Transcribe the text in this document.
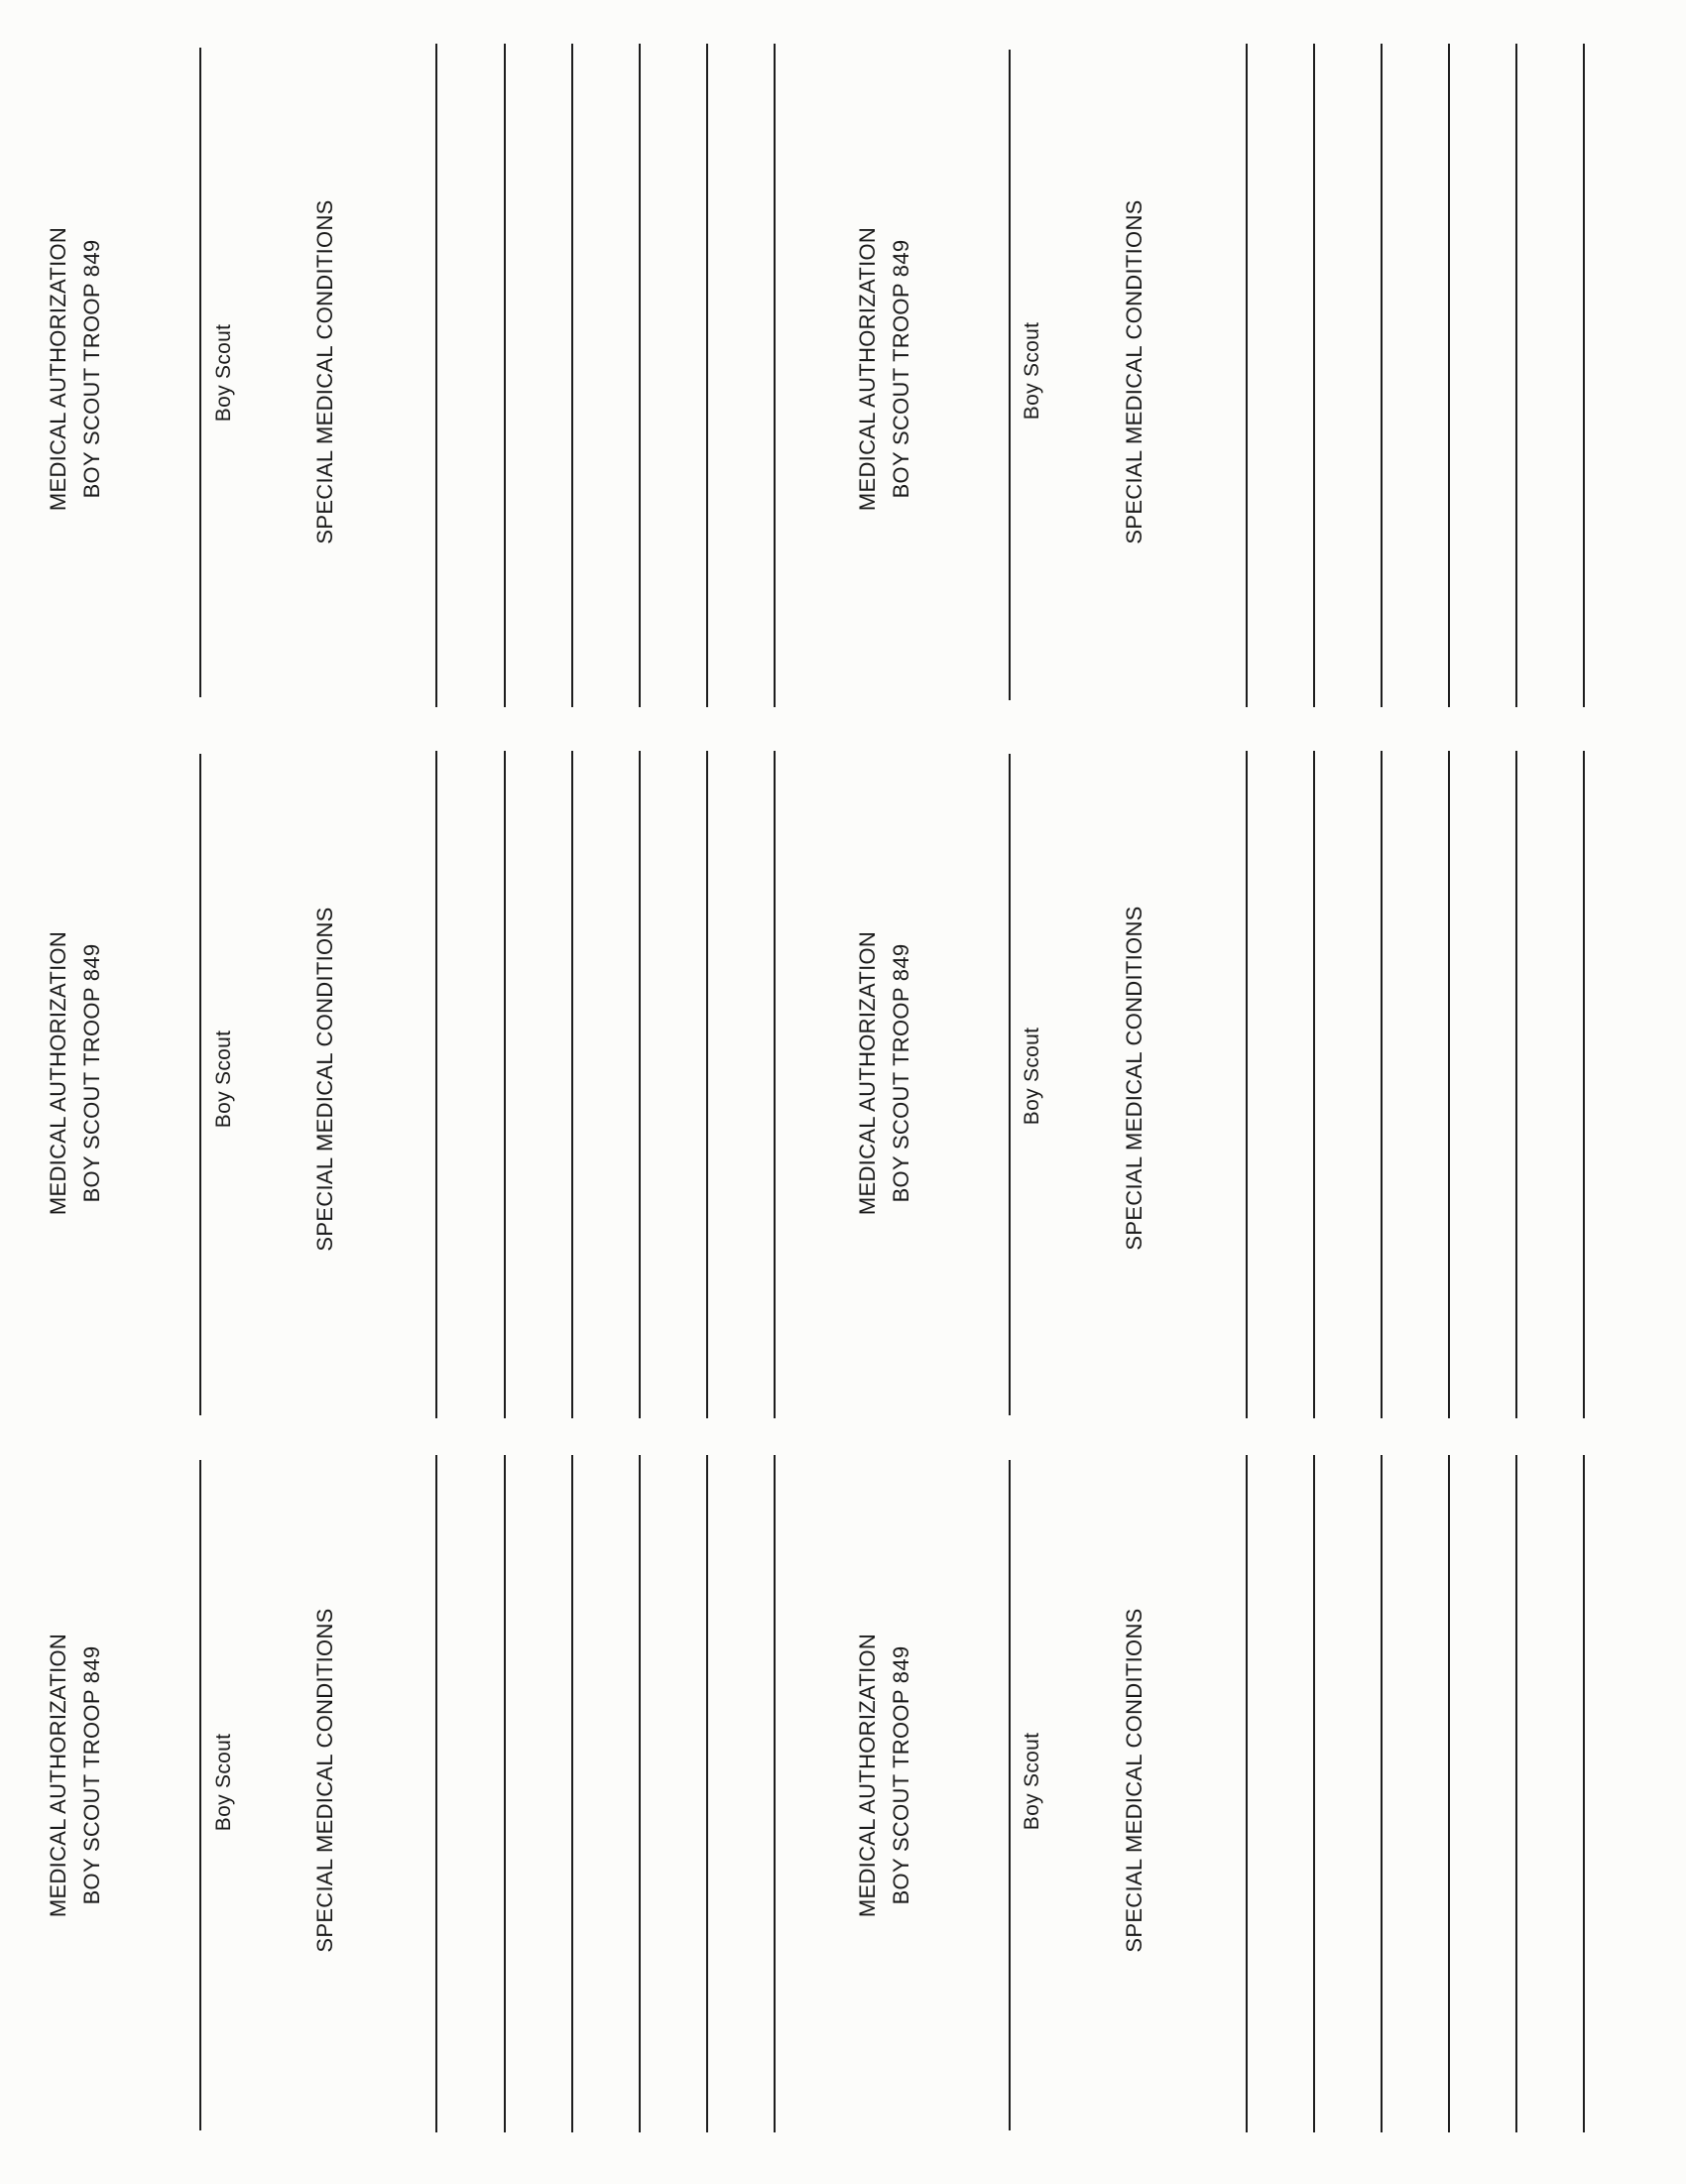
MEDICAL AUTHORIZATION BOY SCOUT TROOP 849	Boy Scout	SPECIAL MEDICAL CONDITIONS
MEDICAL AUTHORIZATION BOY SCOUT TROOP 849	Boy Scout	SPECIAL MEDICAL CONDITIONS
MEDICAL AUTHORIZATION BOY SCOUT TROOP 849	Boy Scout	SPECIAL MEDICAL CONDITIONS
MEDICAL AUTHORIZATION BOY SCOUT TROOP 849	Boy Scout	SPECIAL MEDICAL CONDITIONS
MEDICAL AUTHORIZATION BOY SCOUT TROOP 849	Boy Scout	SPECIAL MEDICAL CONDITIONS
MEDICAL AUTHORIZATION BOY SCOUT TROOP 849	Boy Scout	SPECIAL MEDICAL CONDITIONS
